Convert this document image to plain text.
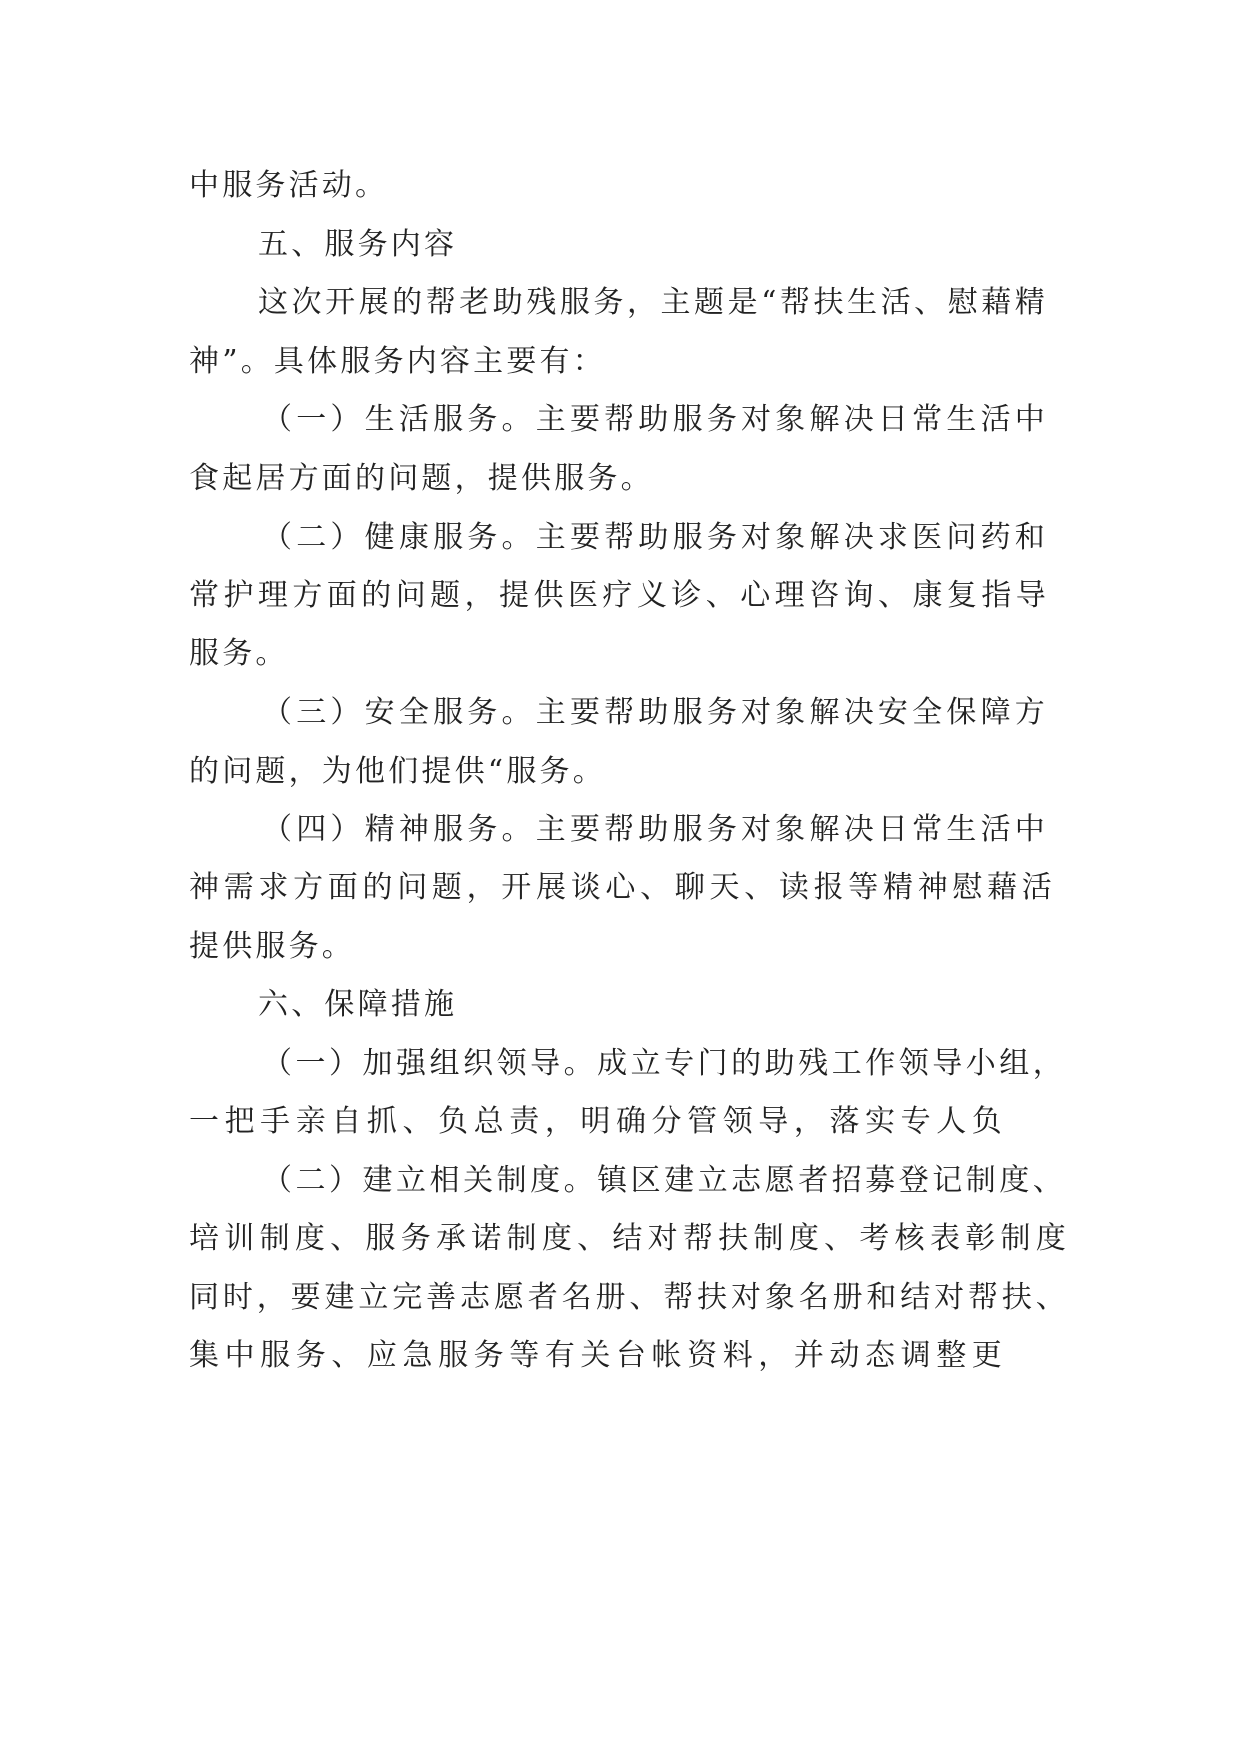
中服务活动。
五、服务内容
这次开展的帮老助残服务，主题是“帮扶生活、慰藉精
神”。具体服务内容主要有：
（一）生活服务。主要帮助服务对象解决日常生活中
食起居方面的问题，提供服务。
（二）健康服务。主要帮助服务对象解决求医问药和
常护理方面的问题，提供医疗义诊、心理咨询、康复指导
服务。
（三）安全服务。主要帮助服务对象解决安全保障方
的问题，为他们提供“服务。
（四）精神服务。主要帮助服务对象解决日常生活中
神需求方面的问题，开展谈心、聊天、读报等精神慰藉活
提供服务。
六、保障措施
（一）加强组织领导。成立专门的助残工作领导小组，
一把手亲自抓、负总责，明确分管领导，落实专人负
（二）建立相关制度。镇区建立志愿者招募登记制度、
培训制度、服务承诺制度、结对帮扶制度、考核表彰制度
同时，要建立完善志愿者名册、帮扶对象名册和结对帮扶、
集中服务、应急服务等有关台帐资料，并动态调整更
